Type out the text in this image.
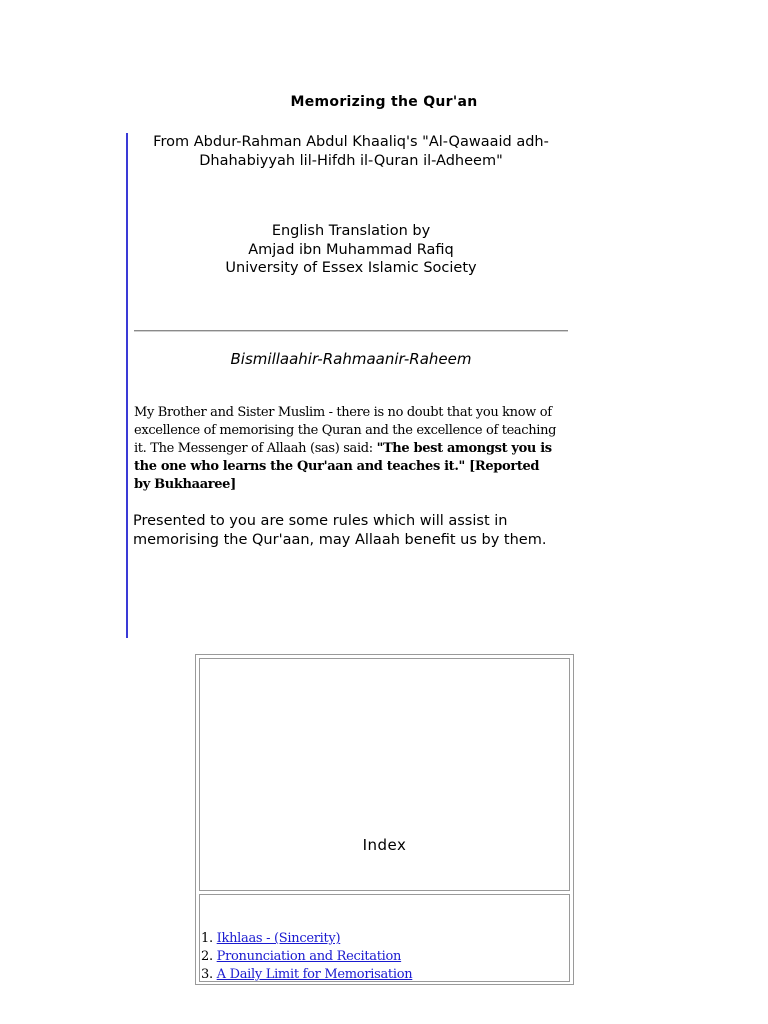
Memorizing the Qur'an
From Abdur-Rahman Abdul Khaaliq's "Al-Qawaaid adh-
Dhahabiyyah lil-Hifdh il-Quran il-Adheem"
English Translation by
Amjad ibn Muhammad Rafiq
University of Essex Islamic Society
Bismillaahir-Rahmaanir-Raheem
My Brother and Sister Muslim - there is no doubt that you know of excellence of memorising the Quran and the excellence of teaching it. The Messenger of Allaah (sas) said: "The best amongst you is the one who learns the Qur'aan and teaches it." [Reported by Bukhaaree]
Presented to you are some rules which will assist in memorising the Qur'aan, may Allaah benefit us by them.
Index
1. Ikhlaas - (Sincerity)
2. Pronunciation and Recitation
3. A Daily Limit for Memorisation
